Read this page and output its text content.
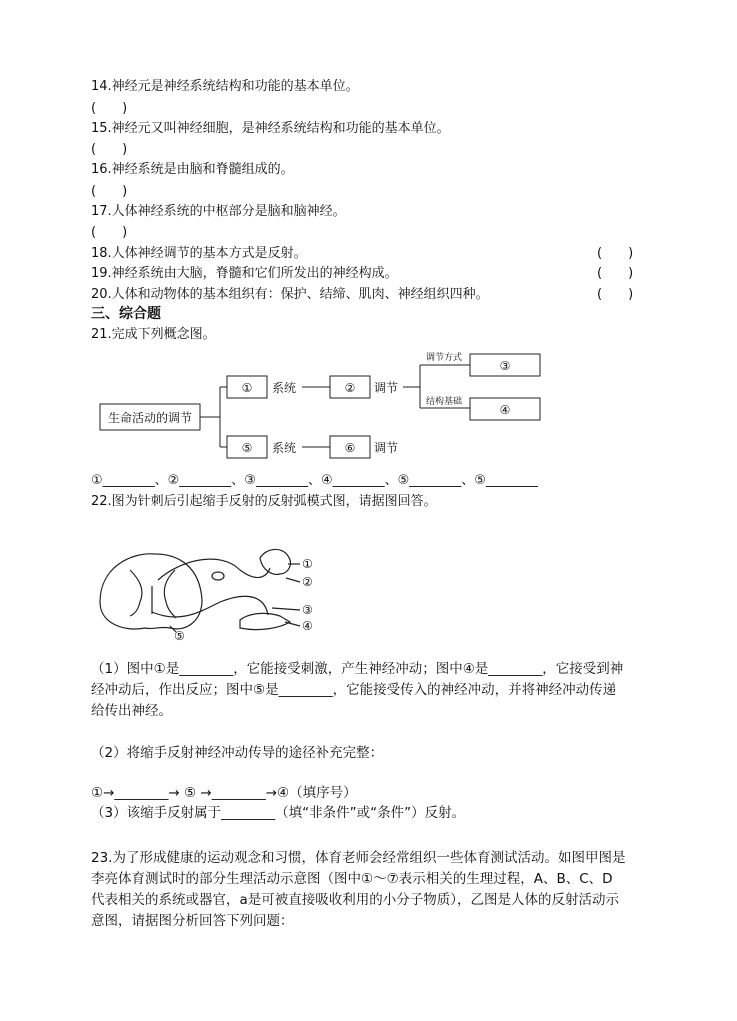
14.神经元是神经系统结构和功能的基本单位。
(　　)
15.神经元又叫神经细胞，是神经系统结构和功能的基本单位。
(　　)
16.神经系统是由脑和脊髓组成的。
(　　)
17.人体神经系统的中枢部分是脑和脑神经。
(　　)
18.人体神经调节的基本方式是反射。	(　　)
19.神经系统由大脑，脊髓和它们所发出的神经构成。	(　　)
20.人体和动物体的基本组织有：保护、结缔、肌肉、神经组织四种。	(　　)
三、综合题
21.完成下列概念图。
生命活动的调节
①
⑤
系统
系统
②
⑥
调节
调节
③
④
调节方式
结构基础
①________、②________、③________、④________、⑤________、⑤________
22.图为针刺后引起缩手反射的反射弧模式图，请据图回答。
①
②
③
④
⑤
（1）图中①是________，它能接受刺激，产生神经冲动；图中④是________，它接受到神
经冲动后，作出反应；图中⑤是________，它能接受传入的神经冲动，并将神经冲动传递
给传出神经。
（2）将缩手反射神经冲动传导的途径补充完整：
①→________→ ⑤ →________→④（填序号）
（3）该缩手反射属于________（填“非条件”或“条件”）反射。
23.为了形成健康的运动观念和习惯，体育老师会经常组织一些体育测试活动。如图甲图是
李亮体育测试时的部分生理活动示意图（图中①～⑦表示相关的生理过程，A、B、C、D
代表相关的系统或器官，a是可被直接吸收利用的小分子物质），乙图是人体的反射活动示
意图，请据图分析回答下列问题：
